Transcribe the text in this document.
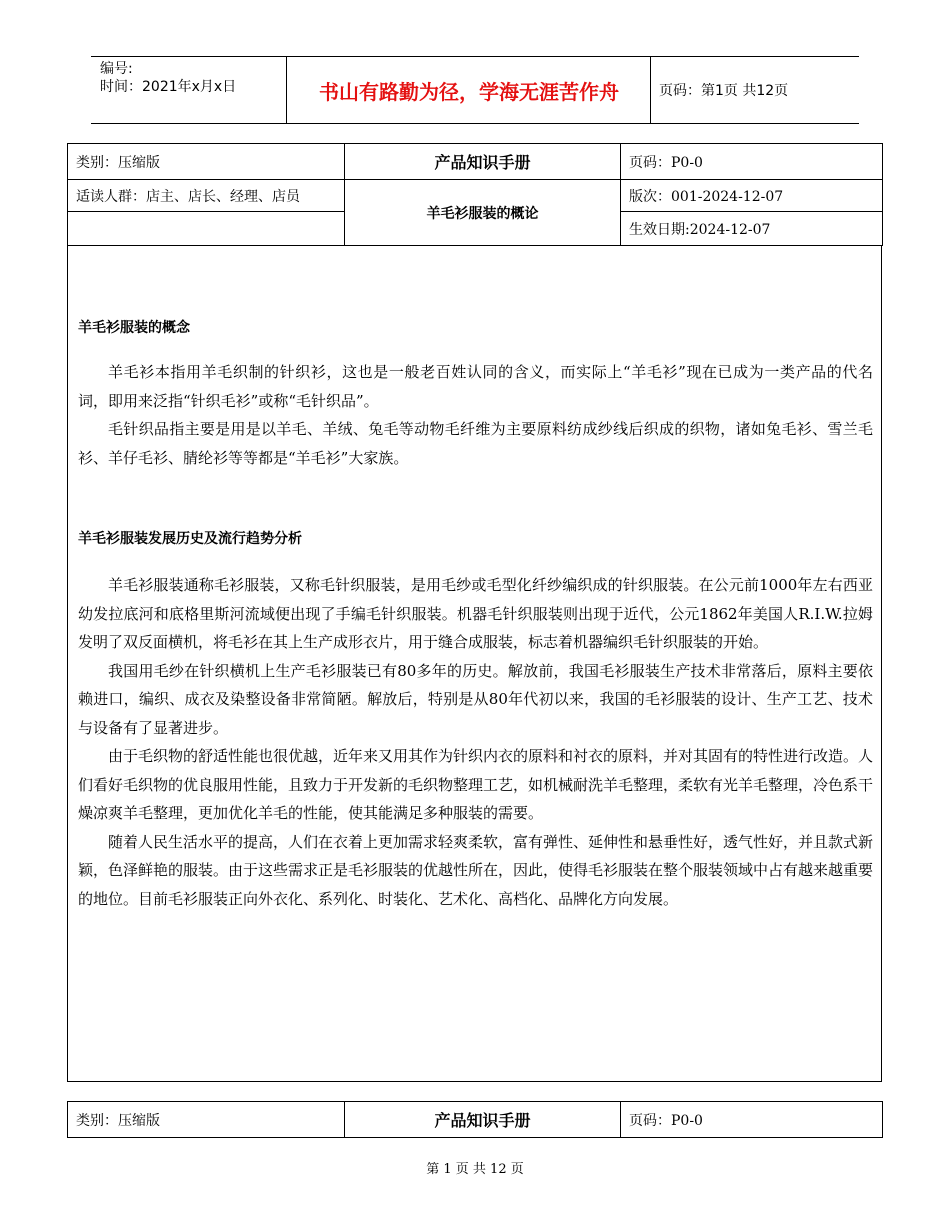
编号:
时间：2021年x月x日	书山有路勤为径，学海无涯苦作舟	页码：第1页 共12页
类别：压缩版	产品知识手册	页码：P0-0
适读人群：店主、店长、经理、店员	羊毛衫服装的概论	版次：001-2024-12-07
		生效日期:2024-12-07

羊毛衫服装的概念

羊毛衫本指用羊毛织制的针织衫，这也是一般老百姓认同的含义，而实际上“羊毛衫”现在已成为一类产品的代名词，即用来泛指“针织毛衫”或称“毛针织品”。

毛针织品指主要是用是以羊毛、羊绒、兔毛等动物毛纤维为主要原料纺成纱线后织成的织物，诸如兔毛衫、雪兰毛衫、羊仔毛衫、腈纶衫等等都是“羊毛衫”大家族。

羊毛衫服装发展历史及流行趋势分析

羊毛衫服装通称毛衫服装，又称毛针织服装，是用毛纱或毛型化纤纱编织成的针织服装。在公元前1000年左右西亚幼发拉底河和底格里斯河流域便出现了手编毛针织服装。机器毛针织服装则出现于近代，公元1862年美国人R.I.W.拉姆发明了双反面横机，将毛衫在其上生产成形衣片，用于缝合成服装，标志着机器编织毛针织服装的开始。

我国用毛纱在针织横机上生产毛衫服装已有80多年的历史。解放前，我国毛衫服装生产技术非常落后，原料主要依赖进口，编织、成衣及染整设备非常简陋。解放后，特别是从80年代初以来，我国的毛衫服装的设计、生产工艺、技术与设备有了显著进步。

由于毛织物的舒适性能也很优越，近年来又用其作为针织内衣的原料和衬衣的原料，并对其固有的特性进行改造。人们看好毛织物的优良服用性能，且致力于开发新的毛织物整理工艺，如机械耐洗羊毛整理，柔软有光羊毛整理，冷色系干燥凉爽羊毛整理，更加优化羊毛的性能，使其能满足多种服装的需要。

随着人民生活水平的提高，人们在衣着上更加需求轻爽柔软，富有弹性、延伸性和悬垂性好，透气性好，并且款式新颖，色泽鲜艳的服装。由于这些需求正是毛衫服装的优越性所在，因此，使得毛衫服装在整个服装领域中占有越来越重要的地位。目前毛衫服装正向外衣化、系列化、时装化、艺术化、高档化、品牌化方向发展。

类别：压缩版	产品知识手册	页码：P0-0
第 1 页 共 12 页
